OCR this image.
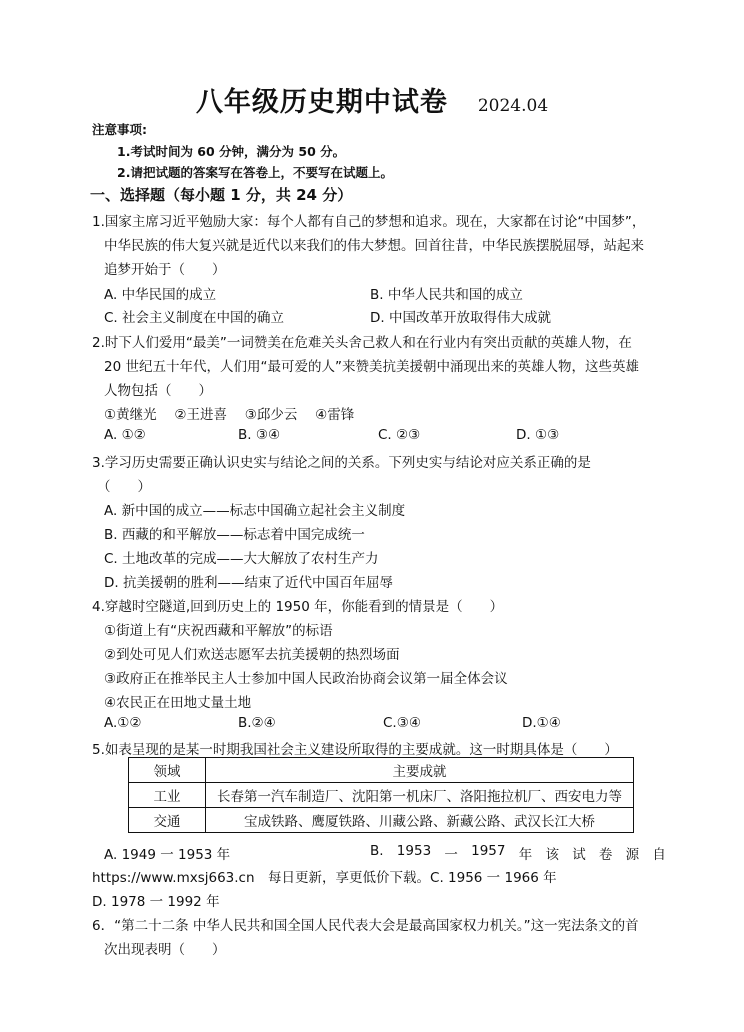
八年级历史期中试卷 2024.04
注意事项:
1.考试时间为 60 分钟，满分为 50 分。
2.请把试题的答案写在答卷上，不要写在试题上。
一、选择题（每小题 1 分，共 24 分）
1.国家主席习近平勉励大家：每个人都有自己的梦想和追求。现在，大家都在讨论“中国梦”，
中华民族的伟大复兴就是近代以来我们的伟大梦想。回首往昔，中华民族摆脱屈辱，站起来
追梦开始于（　　）
A. 中华民国的成立	B. 中华人民共和国的成立
C. 社会主义制度在中国的确立	D. 中国改革开放取得伟大成就
2.时下人们爱用“最美”一词赞美在危难关头舍己救人和在行业内有突出贡献的英雄人物，在
20 世纪五十年代，人们用“最可爱的人”来赞美抗美援朝中涌现出来的英雄人物，这些英雄
人物包括（　　）
①黄继光　 ②王进喜　 ③邱少云　 ④雷锋
A. ①②	B. ③④	C. ②③	D. ①③
3.学习历史需要正确认识史实与结论之间的关系。下列史实与结论对应关系正确的是
（　　）
A. 新中国的成立——标志中国确立起社会主义制度
B. 西藏的和平解放——标志着中国完成统一
C. 土地改革的完成——大大解放了农村生产力
D. 抗美援朝的胜利——结束了近代中国百年屈辱
4.穿越时空隧道,回到历史上的 1950 年，你能看到的情景是（　　）
①街道上有“庆祝西藏和平解放”的标语
②到处可见人们欢送志愿军去抗美援朝的热烈场面
③政府正在推举民主人士参加中国人民政治协商会议第一届全体会议
④农民正在田地丈量土地
A.①②	B.②④	C.③④	D.①④
5.如表呈现的是某一时期我国社会主义建设所取得的主要成就。这一时期具体是（　　）
领域	主要成就
工业	长春第一汽车制造厂、沈阳第一机床厂、洛阳拖拉机厂、西安电力等
交通	宝成铁路、鹰厦铁路、川藏公路、新藏公路、武汉长江大桥
A. 1949 一 1953 年	B. 1953 一 1957 年 该 试 卷 源 自
https://www.mxsj663.cn　每日更新，享更低价下载。C. 1956 一 1966 年
D. 1978 一 1992 年
6．“第二十二条 中华人民共和国全国人民代表大会是最高国家权力机关。”这一宪法条文的首
次出现表明（　　）
